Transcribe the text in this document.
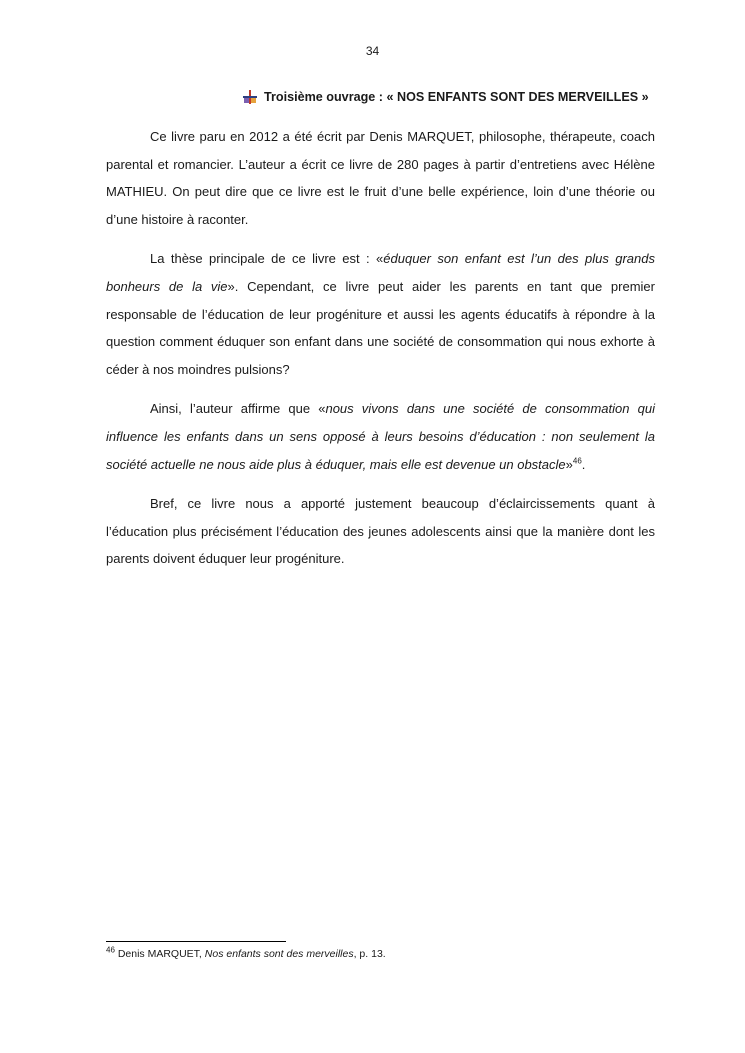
34
Troisième ouvrage : « NOS ENFANTS SONT DES MERVEILLES »

Ce livre paru en 2012 a été écrit par Denis MARQUET, philosophe, thérapeute, coach parental et romancier. L’auteur a écrit ce livre de 280 pages à partir d’entretiens avec Hélène MATHIEU. On peut dire que ce livre est le fruit d’une belle expérience, loin d’une théorie ou d’une histoire à raconter.

La thèse principale de ce livre est : «éduquer son enfant est l’un des plus grands bonheurs de la vie». Cependant, ce livre peut aider les parents en tant que premier responsable de l’éducation de leur progéniture et aussi les agents éducatifs à répondre à la question comment éduquer son enfant dans une société de consommation qui nous exhorte à céder à nos moindres pulsions?

Ainsi, l’auteur affirme que «nous vivons dans une société de consommation qui influence les enfants dans un sens opposé à leurs besoins d’éducation : non seulement la société actuelle ne nous aide plus à éduquer, mais elle est devenue un obstacle»$^{46}$.

Bref, ce livre nous a apporté justement beaucoup d’éclaircissements quant à l’éducation plus précisément l’éducation des jeunes adolescents ainsi que la manière dont les parents doivent éduquer leur progéniture.

$^{46}$ Denis MARQUET, Nos enfants sont des merveilles, p. 13.
